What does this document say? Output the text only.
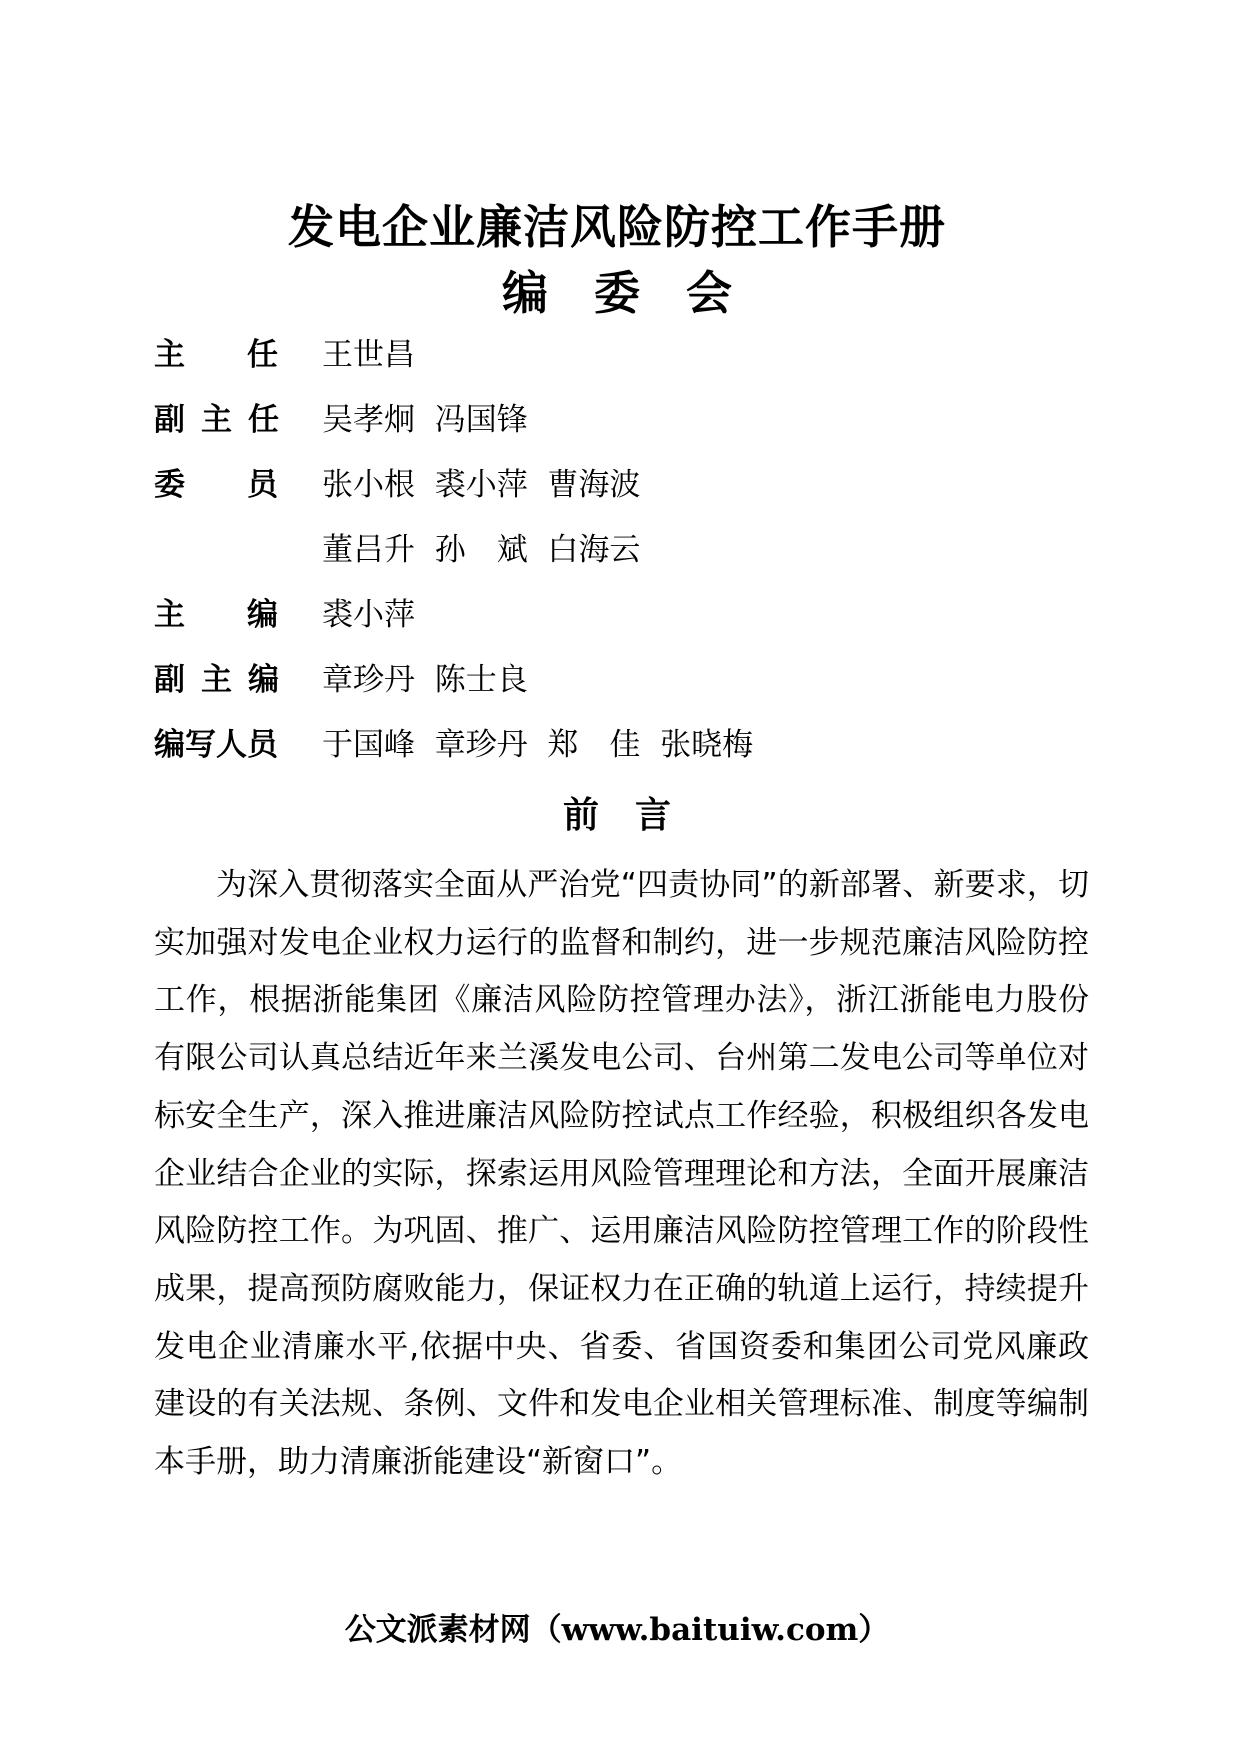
发电企业廉洁风险防控工作手册
编　委　会
主　　任 王世昌
副主任 吴孝炯  冯国锋
委　　员 张小根  裘小萍  曹海波
董吕升  孙　斌  白海云
主　　编 裘小萍
副主编 章珍丹  陈士良
编写人员 于国峰  章珍丹  郑　佳  张晓梅
前　言

为深入贯彻落实全面从严治党“四责协同”的新部署、新要求，切实加强对发电企业权力运行的监督和制约，进一步规范廉洁风险防控工作，根据浙能集团《廉洁风险防控管理办法》，浙江浙能电力股份有限公司认真总结近年来兰溪发电公司、台州第二发电公司等单位对标安全生产，深入推进廉洁风险防控试点工作经验，积极组织各发电企业结合企业的实际，探索运用风险管理理论和方法，全面开展廉洁风险防控工作。为巩固、推广、运用廉洁风险防控管理工作的阶段性成果，提高预防腐败能力，保证权力在正确的轨道上运行，持续提升发电企业清廉水平,依据中央、省委、省国资委和集团公司党风廉政建设的有关法规、条例、文件和发电企业相关管理标准、制度等编制本手册，助力清廉浙能建设“新窗口”。

公文派素材网（www.baituiw.com）
